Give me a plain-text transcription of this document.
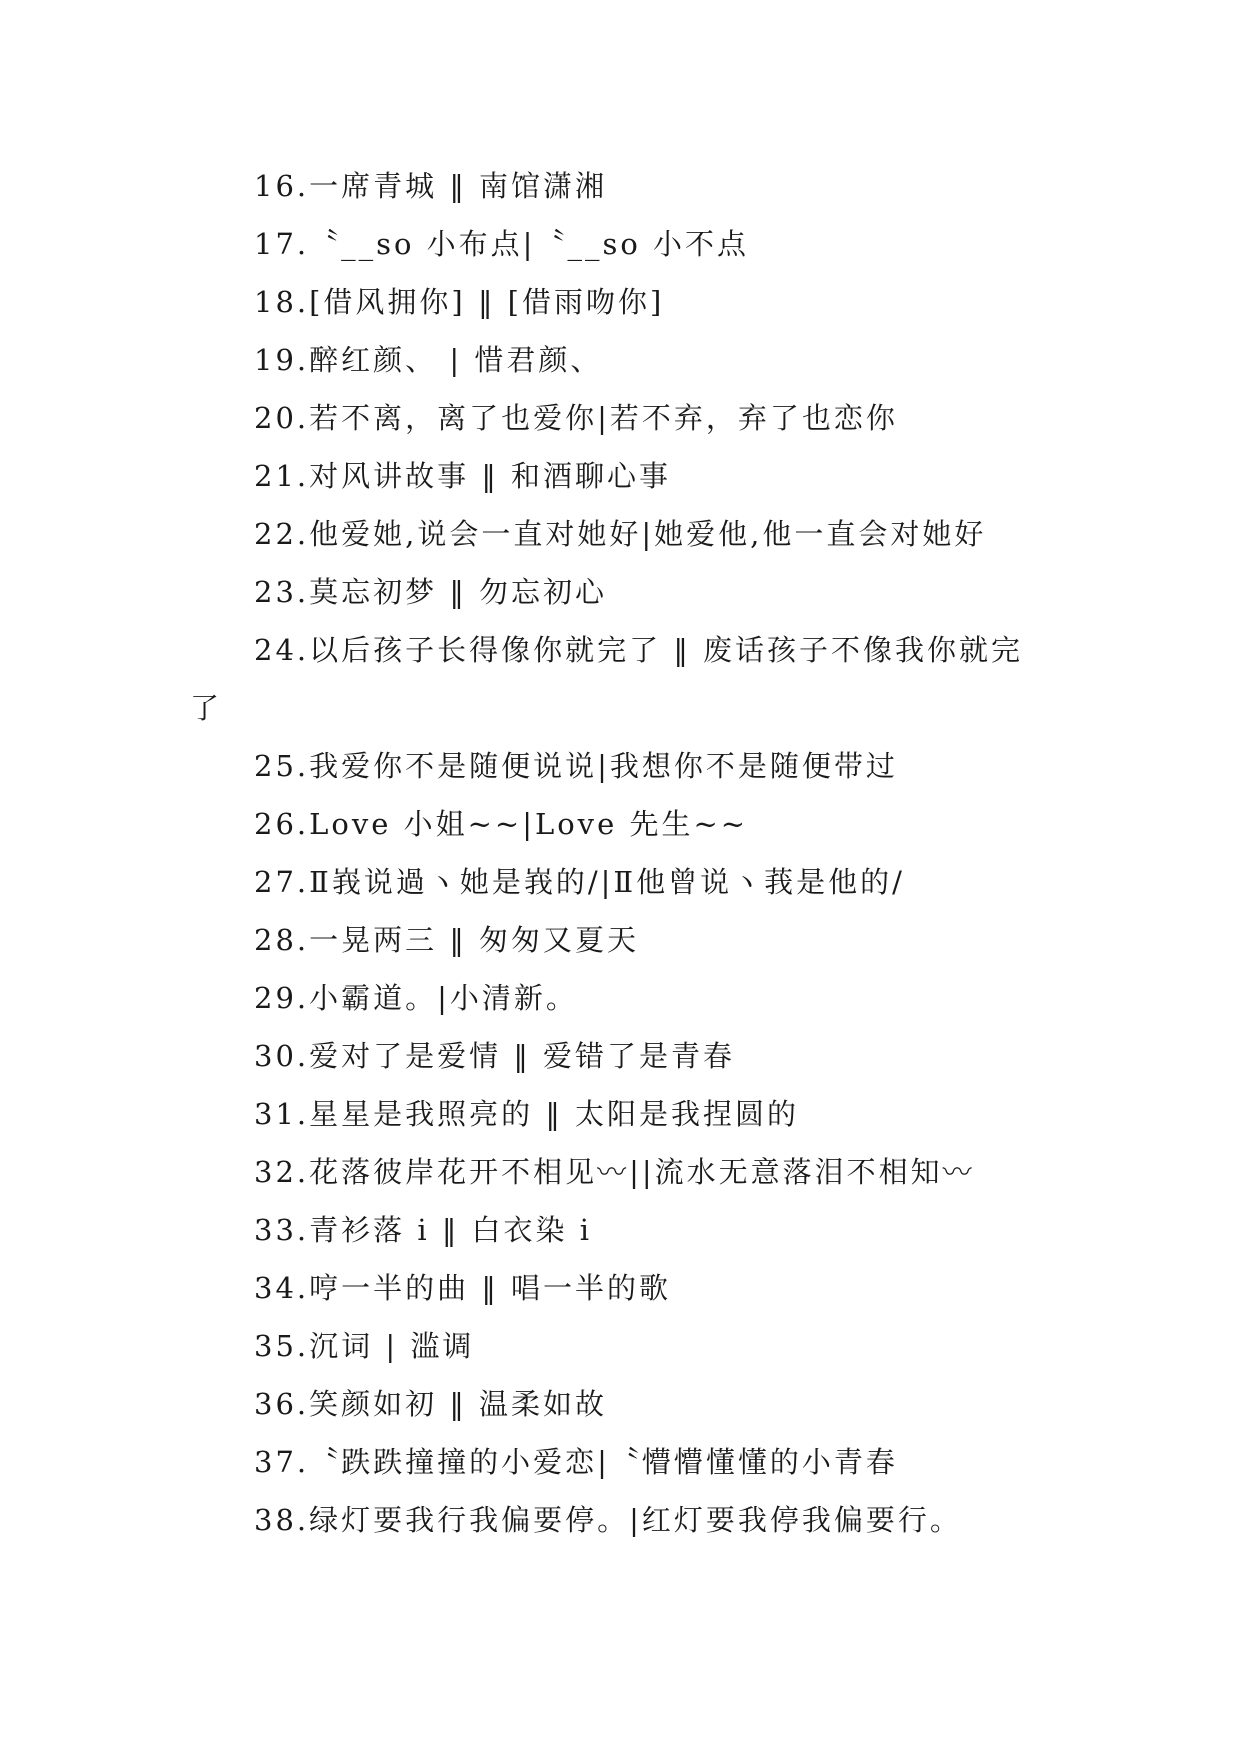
16.一席青城 ‖ 南馆潇湘

17.〝__so 小布点|〝__so 小不点

18.[借风拥你] ‖ [借雨吻你]

19.醉红颜、 | 惜君颜、

20.若不离，离了也爱你|若不弃，弃了也恋你

21.对风讲故事 ‖ 和酒聊心事

22.他爱她,说会一直对她好|她爱他,他一直会对她好

23.莫忘初梦 ‖ 勿忘初心

24.以后孩子长得像你就完了 ‖ 废话孩子不像我你就完了

25.我爱你不是随便说说|我想你不是随便带过

26.Love 小姐~~|Love 先生~~

27.Ⅱ峩说過ヽ她是峩的/|Ⅱ他曾说ヽ莪是他的/

28.一晃两三 ‖ 匆匆又夏天

29.小霸道。|小清新。

30.爱对了是爱情 ‖ 爱错了是青春

31.星星是我照亮的 ‖ 太阳是我捏圆的

32.花落彼岸花开不相见〰||流水无意落泪不相知〰

33.青衫落 i ‖ 白衣染 i

34.哼一半的曲 ‖ 唱一半的歌

35.沉词 | 滥调

36.笑颜如初 ‖ 温柔如故

37.〝跌跌撞撞的小爱恋|〝懵懵懂懂的小青春

38.绿灯要我行我偏要停。|红灯要我停我偏要行。
